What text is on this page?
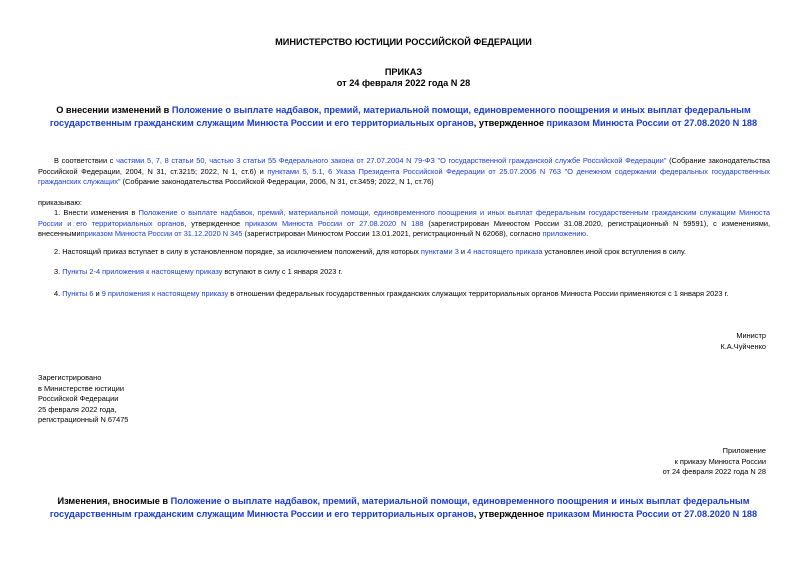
МИНИСТЕРСТВО ЮСТИЦИИ РОССИЙСКОЙ ФЕДЕРАЦИИ
ПРИКАЗ
от 24 февраля 2022 года N 28
О внесении изменений в Положение о выплате надбавок, премий, материальной помощи, единовременного поощрения и иных выплат федеральным государственным гражданским служащим Минюста России и его территориальных органов, утвержденное приказом Минюста России от 27.08.2020 N 188
В соответствии с частями 5, 7, 8 статьи 50, частью 3 статьи 55 Федерального закона от 27.07.2004 N 79-ФЗ "О государственной гражданской службе Российской Федерации" (Собрание законодательства Российской Федерации, 2004, N 31, ст.3215; 2022, N 1, ст.6) и пунктами 5, 5.1, 6 Указа Президента Российской Федерации от 25.07.2006 N 763 "О денежном содержании федеральных государственных гражданских служащих" (Собрание законодательства Российской Федерации, 2006, N 31, ст.3459; 2022, N 1, ст.76)
приказываю:
1. Внести изменения в Положение о выплате надбавок, премий, материальной помощи, единовременного поощрения и иных выплат федеральным государственным гражданским служащим Минюста России и его территориальных органов, утвержденное приказом Минюста России от 27.08.2020 N 188 (зарегистрирован Минюстом России 31.08.2020, регистрационный N 59591), с изменениями, внесеннымиприказом Минюста России от 31.12.2020 N 345 (зарегистрирован Минюстом России 13.01.2021, регистрационный N 62068), согласно приложению.
2. Настоящий приказ вступает в силу в установленном порядке, за исключением положений, для которых пунктами 3 и 4 настоящего приказа установлен иной срок вступления в силу.
3. Пункты 2-4 приложения к настоящему приказу вступают в силу с 1 января 2023 г.
4. Пункты 6 и 9 приложения к настоящему приказу в отношении федеральных государственных гражданских служащих территориальных органов Минюста России применяются с 1 января 2023 г.
Министр
К.А.Чуйченко
Зарегистрировано
в Министерстве юстиции
Российской Федерации
25 февраля 2022 года,
регистрационный N 67475
Приложение
к приказу Минюста России
от 24 февраля 2022 года N 28
Изменения, вносимые в Положение о выплате надбавок, премий, материальной помощи, единовременного поощрения и иных выплат федеральным государственным гражданским служащим Минюста России и его территориальных органов, утвержденное приказом Минюста России от 27.08.2020 N 188
